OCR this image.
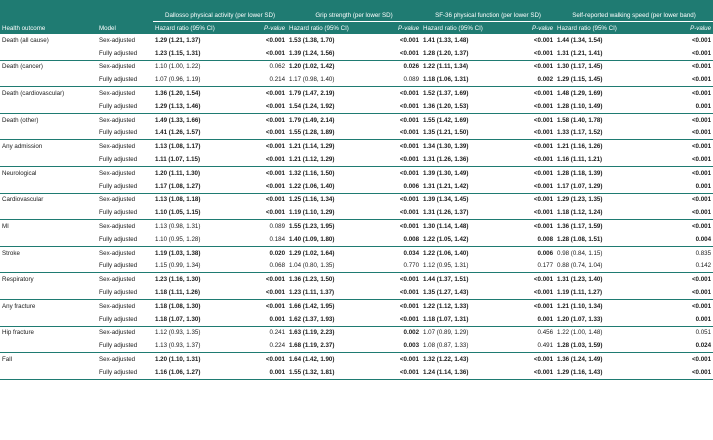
Health outcome	Model	Dallosso physical activity (per lower SD)		Grip strength (per lower SD)		SF-36 physical function (per lower SD)		Self-reported walking speed (per lower band)	
		Hazard ratio (95% CI)	P-value	Hazard ratio (95% CI)	P-value	Hazard ratio (95% CI)	P-value	Hazard ratio (95% CI)	P-value
Death (all cause)	Sex-adjusted	1.29 (1.21, 1.37)	<0.001	1.53 (1.38, 1.70)	<0.001	1.41 (1.33, 1.48)	<0.001	1.44 (1.34, 1.54)	<0.001
	Fully adjusted	1.23 (1.15, 1.31)	<0.001	1.39 (1.24, 1.56)	<0.001	1.28 (1.20, 1.37)	<0.001	1.31 (1.21, 1.41)	<0.001
Death (cancer)	Sex-adjusted	1.10 (1.00, 1.22)	0.062	1.20 (1.02, 1.42)	0.026	1.22 (1.11, 1.34)	<0.001	1.30 (1.17, 1.45)	<0.001
	Fully adjusted	1.07 (0.96, 1.19)	0.214	1.17 (0.98, 1.40)	0.089	1.18 (1.06, 1.31)	0.002	1.29 (1.15, 1.45)	<0.001
Death (cardiovascular)	Sex-adjusted	1.36 (1.20, 1.54)	<0.001	1.79 (1.47, 2.19)	<0.001	1.52 (1.37, 1.69)	<0.001	1.48 (1.29, 1.69)	<0.001
	Fully adjusted	1.29 (1.13, 1.46)	<0.001	1.54 (1.24, 1.92)	<0.001	1.36 (1.20, 1.53)	<0.001	1.28 (1.10, 1.49)	0.001
Death (other)	Sex-adjusted	1.49 (1.33, 1.66)	<0.001	1.79 (1.49, 2.14)	<0.001	1.55 (1.42, 1.69)	<0.001	1.58 (1.40, 1.78)	<0.001
	Fully adjusted	1.41 (1.26, 1.57)	<0.001	1.55 (1.28, 1.89)	<0.001	1.35 (1.21, 1.50)	<0.001	1.33 (1.17, 1.52)	<0.001
Any admission	Sex-adjusted	1.13 (1.08, 1.17)	<0.001	1.21 (1.14, 1.29)	<0.001	1.34 (1.30, 1.39)	<0.001	1.21 (1.16, 1.26)	<0.001
	Fully adjusted	1.11 (1.07, 1.15)	<0.001	1.21 (1.12, 1.29)	<0.001	1.31 (1.26, 1.36)	<0.001	1.16 (1.11, 1.21)	<0.001
Neurological	Sex-adjusted	1.20 (1.11, 1.30)	<0.001	1.32 (1.16, 1.50)	<0.001	1.39 (1.30, 1.49)	<0.001	1.28 (1.18, 1.39)	<0.001
	Fully adjusted	1.17 (1.08, 1.27)	<0.001	1.22 (1.06, 1.40)	0.006	1.31 (1.21, 1.42)	<0.001	1.17 (1.07, 1.29)	0.001
Cardiovascular	Sex-adjusted	1.13 (1.08, 1.18)	<0.001	1.25 (1.16, 1.34)	<0.001	1.39 (1.34, 1.45)	<0.001	1.29 (1.23, 1.35)	<0.001
	Fully adjusted	1.10 (1.05, 1.15)	<0.001	1.19 (1.10, 1.29)	<0.001	1.31 (1.26, 1.37)	<0.001	1.18 (1.12, 1.24)	<0.001
MI	Sex-adjusted	1.13 (0.98, 1.31)	0.089	1.55 (1.23, 1.95)	<0.001	1.30 (1.14, 1.48)	<0.001	1.36 (1.17, 1.59)	<0.001
	Fully adjusted	1.10 (0.95, 1.28)	0.184	1.40 (1.09, 1.80)	0.008	1.22 (1.05, 1.42)	0.008	1.28 (1.08, 1.51)	0.004
Stroke	Sex-adjusted	1.19 (1.03, 1.38)	0.020	1.29 (1.02, 1.64)	0.034	1.22 (1.06, 1.40)	0.006	0.98 (0.84, 1.15)	0.835
	Fully adjusted	1.15 (0.99, 1.34)	0.068	1.04 (0.80, 1.35)	0.770	1.12 (0.95, 1.31)	0.177	0.88 (0.74, 1.04)	0.142
Respiratory	Sex-adjusted	1.23 (1.16, 1.30)	<0.001	1.36 (1.23, 1.50)	<0.001	1.44 (1.37, 1.51)	<0.001	1.31 (1.23, 1.40)	<0.001
	Fully adjusted	1.18 (1.11, 1.26)	<0.001	1.23 (1.11, 1.37)	<0.001	1.35 (1.27, 1.43)	<0.001	1.19 (1.11, 1.27)	<0.001
Any fracture	Sex-adjusted	1.18 (1.08, 1.30)	<0.001	1.66 (1.42, 1.95)	<0.001	1.22 (1.12, 1.33)	<0.001	1.21 (1.10, 1.34)	<0.001
	Fully adjusted	1.18 (1.07, 1.30)	0.001	1.62 (1.37, 1.93)	<0.001	1.18 (1.07, 1.31)	0.001	1.20 (1.07, 1.33)	0.001
Hip fracture	Sex-adjusted	1.12 (0.93, 1.35)	0.241	1.63 (1.19, 2.23)	0.002	1.07 (0.89, 1.29)	0.456	1.22 (1.00, 1.48)	0.051
	Fully adjusted	1.13 (0.93, 1.37)	0.224	1.68 (1.19, 2.37)	0.003	1.08 (0.87, 1.33)	0.491	1.28 (1.03, 1.59)	0.024
Fall	Sex-adjusted	1.20 (1.10, 1.31)	<0.001	1.64 (1.42, 1.90)	<0.001	1.32 (1.22, 1.43)	<0.001	1.36 (1.24, 1.49)	<0.001
	Fully adjusted	1.16 (1.06, 1.27)	0.001	1.55 (1.32, 1.81)	<0.001	1.24 (1.14, 1.36)	<0.001	1.29 (1.16, 1.43)	<0.001
